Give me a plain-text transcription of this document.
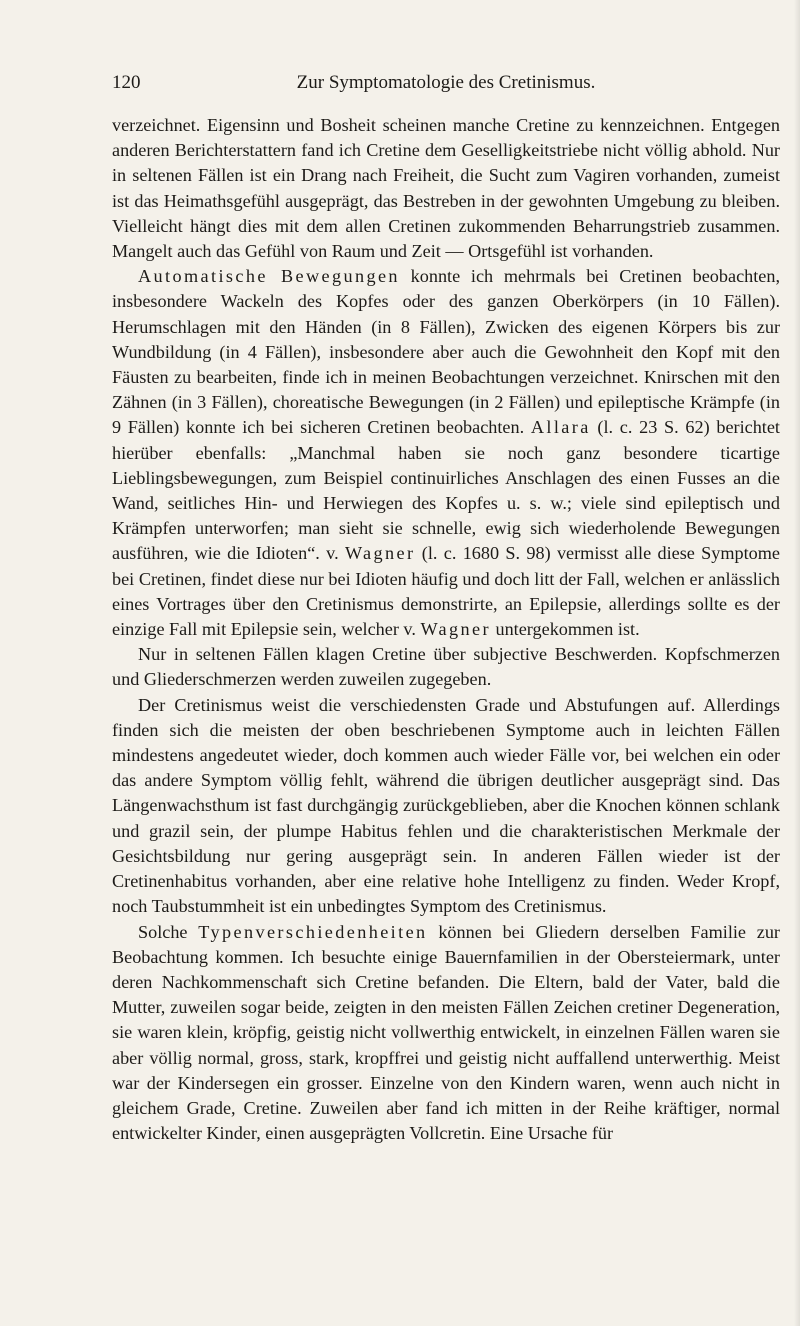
120	Zur Symptomatologie des Cretinismus.

verzeichnet. Eigensinn und Bosheit scheinen manche Cretine zu kennzeichnen. Entgegen anderen Berichterstattern fand ich Cretine dem Geselligkeitstriebe nicht völlig abhold. Nur in seltenen Fällen ist ein Drang nach Freiheit, die Sucht zum Vagiren vorhanden, zumeist ist das Heimathsgefühl ausgeprägt, das Bestreben in der gewohnten Umgebung zu bleiben. Vielleicht hängt dies mit dem allen Cretinen zukommenden Beharrungstrieb zusammen. Mangelt auch das Gefühl von Raum und Zeit — Ortsgefühl ist vorhanden.

Automatische Bewegungen konnte ich mehrmals bei Cretinen beobachten, insbesondere Wackeln des Kopfes oder des ganzen Oberkörpers (in 10 Fällen). Herumschlagen mit den Händen (in 8 Fällen), Zwicken des eigenen Körpers bis zur Wundbildung (in 4 Fällen), insbesondere aber auch die Gewohnheit den Kopf mit den Fäusten zu bearbeiten, finde ich in meinen Beobachtungen verzeichnet. Knirschen mit den Zähnen (in 3 Fällen), choreatische Bewegungen (in 2 Fällen) und epileptische Krämpfe (in 9 Fällen) konnte ich bei sicheren Cretinen beobachten. Allara (l. c. 23 S. 62) berichtet hierüber ebenfalls: „Manchmal haben sie noch ganz besondere ticartige Lieblingsbewegungen, zum Beispiel continuirliches Anschlagen des einen Fusses an die Wand, seitliches Hin- und Herwiegen des Kopfes u. s. w.; viele sind epileptisch und Krämpfen unterworfen; man sieht sie schnelle, ewig sich wiederholende Bewegungen ausführen, wie die Idioten“. v. Wagner (l. c. 1680 S. 98) vermisst alle diese Symptome bei Cretinen, findet diese nur bei Idioten häufig und doch litt der Fall, welchen er anlässlich eines Vortrages über den Cretinismus demonstrirte, an Epilepsie, allerdings sollte es der einzige Fall mit Epilepsie sein, welcher v. Wagner untergekommen ist.

Nur in seltenen Fällen klagen Cretine über subjective Beschwerden. Kopfschmerzen und Gliederschmerzen werden zuweilen zugegeben.

Der Cretinismus weist die verschiedensten Grade und Abstufungen auf. Allerdings finden sich die meisten der oben beschriebenen Symptome auch in leichten Fällen mindestens angedeutet wieder, doch kommen auch wieder Fälle vor, bei welchen ein oder das andere Symptom völlig fehlt, während die übrigen deutlicher ausgeprägt sind. Das Längenwachsthum ist fast durchgängig zurückgeblieben, aber die Knochen können schlank und grazil sein, der plumpe Habitus fehlen und die charakteristischen Merkmale der Gesichtsbildung nur gering ausgeprägt sein. In anderen Fällen wieder ist der Cretinenhabitus vorhanden, aber eine relative hohe Intelligenz zu finden. Weder Kropf, noch Taubstummheit ist ein unbedingtes Symptom des Cretinismus.

Solche Typenverschiedenheiten können bei Gliedern derselben Familie zur Beobachtung kommen. Ich besuchte einige Bauernfamilien in der Obersteiermark, unter deren Nachkommenschaft sich Cretine befanden. Die Eltern, bald der Vater, bald die Mutter, zuweilen sogar beide, zeigten in den meisten Fällen Zeichen cretiner Degeneration, sie waren klein, kröpfig, geistig nicht vollwerthig entwickelt, in einzelnen Fällen waren sie aber völlig normal, gross, stark, kropffrei und geistig nicht auffallend unterwerthig. Meist war der Kindersegen ein grosser. Einzelne von den Kindern waren, wenn auch nicht in gleichem Grade, Cretine. Zuweilen aber fand ich mitten in der Reihe kräftiger, normal entwickelter Kinder, einen ausgeprägten Vollcretin. Eine Ursache für
